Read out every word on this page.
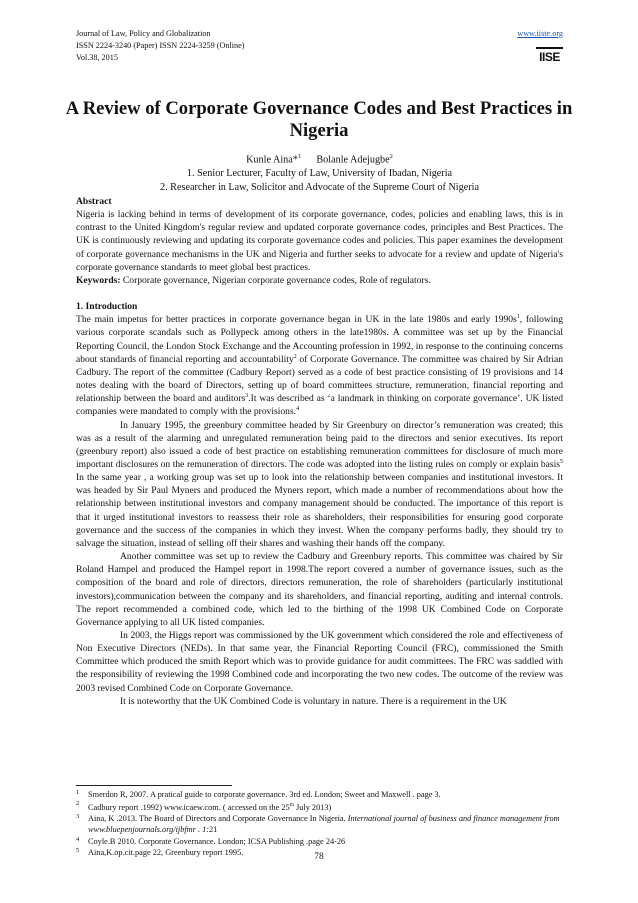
Journal of Law, Policy and Globalization
ISSN 2224-3240 (Paper) ISSN 2224-3259 (Online)
Vol.38, 2015
www.iiste.org
IISE
A Review of Corporate Governance Codes and Best Practices in Nigeria
Kunle Aina*$^1$ Bolanle Adejugbe$^2$
1. Senior Lecturer, Faculty of Law, University of Ibadan, Nigeria
2. Researcher in Law, Solicitor and Advocate of the Supreme Court of Nigeria

Abstract

Nigeria is lacking behind in terms of development of its corporate governance, codes, policies and enabling laws, this is in contrast to the United Kingdom's regular review and updated corporate governance codes, principles and Best Practices. The UK is continuously reviewing and updating its corporate governance codes and policies. This paper examines the development of corporate governance mechanisms in the UK and Nigeria and further seeks to advocate for a review and update of Nigeria's corporate governance standards to meet global best practices.

Keywords: Corporate governance, Nigerian corporate governance codes, Role of regulators.

1. Introduction

The main impetus for better practices in corporate governance began in UK in the late 1980s and early $1990s^1$, following various corporate scandals such as Pollypeck among others in the late1980s. A committee was set up by the Financial Reporting Council, the London Stock Exchange and the Accounting profession in 1992, in response to the continuing concerns about standards of financial reporting and accountability$^2$ of Corporate Governance. The committee was chaired by Sir Adrian Cadbury. The report of the committee (Cadbury Report) served as a code of best practice consisting of 19 provisions and 14 notes dealing with the board of Directors, setting up of board committees structure, remuneration, financial reporting and relationship between the board and auditors$^3$.It was described as ‘a landmark in thinking on corporate governance’. UK listed companies were mandated to comply with the provisions.$^4$

In January 1995, the greenbury committee headed by Sir Greenbury on director’s remuneration was created; this was as a result of the alarming and unregulated remuneration being paid to the directors and senior executives. Its report (greenbury report) also issued a code of best practice on establishing remuneration committees for disclosure of much more important disclosures on the remuneration of directors. The code was adopted into the listing rules on comply or explain basis$^5$ In the same year , a working group was set up to look into the relationship between companies and institutional investors. It was headed by Sir Paul Myners and produced the Myners report, which made a number of recommendations about how the relationship between institutional investors and company management should be conducted. The importance of this report is that it urged institutional investors to reassess their role as shareholders, their responsibilities for ensuring good corporate governance and the success of the companies in which they invest. When the company performs badly, they should try to salvage the situation, instead of selling off their shares and washing their hands off the company.

Another committee was set up to review the Cadbury and Greenbury reports. This committee was chaired by Sir Roland Hampel and produced the Hampel report in 1998.The report covered a number of governance issues, such as the composition of the board and role of directors, directors remuneration, the role of shareholders (particularly institutional investors),communication between the company and its shareholders, and financial reporting, auditing and internal controls. The report recommended a combined code, which led to the birthing of the 1998 UK Combined Code on Corporate Governance applying to all UK listed companies.

In 2003, the Higgs report was commissioned by the UK government which considered the role and effectiveness of Non Executive Directors (NEDs). In that same year, the Financial Reporting Council (FRC), commissioned the Smith Committee which produced the smith Report which was to provide guidance for audit committees. The FRC was saddled with the responsibility of reviewing the 1998 Combined code and incorporating the two new codes. The outcome of the review was 2003 revised Combined Code on Corporate Governance.

It is noteworthy that the UK Combined Code is voluntary in nature. There is a requirement in the UK

1 Smerdon R, 2007. A pratical guide to corporate governance. 3rd ed. London; Sweet and Maxwell . page 3.
2 Cadbury report .1992) www.icaew.com. ( accessed on the 25th July 2013)
3 Aina, K .2013. The Board of Directors and Corporate Governance In Nigeria. International journal of business and finance management from www.bluepenjournals.org/ijbfmr . 1:21
4 Coyle.B 2010. Corporate Governance. London; ICSA Publishing .page 24-26
5 Aina,K.op.cit.page 22, Greenbury report 1995.	78
